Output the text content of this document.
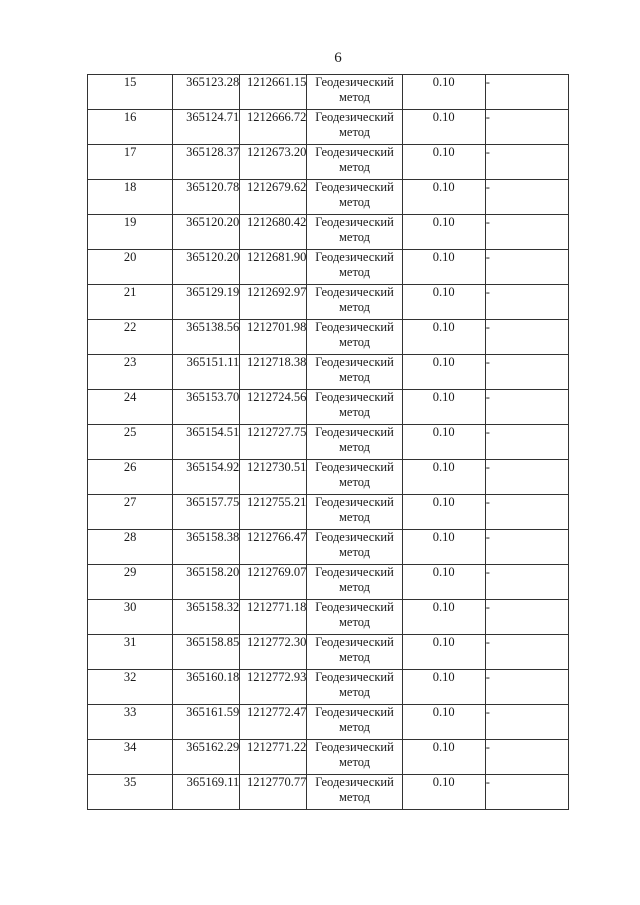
6
15	365123.28	1212661.15	Геодезический
метод	0.10	-
16	365124.71	1212666.72	Геодезический
метод	0.10	-
17	365128.37	1212673.20	Геодезический
метод	0.10	-
18	365120.78	1212679.62	Геодезический
метод	0.10	-
19	365120.20	1212680.42	Геодезический
метод	0.10	-
20	365120.20	1212681.90	Геодезический
метод	0.10	-
21	365129.19	1212692.97	Геодезический
метод	0.10	-
22	365138.56	1212701.98	Геодезический
метод	0.10	-
23	365151.11	1212718.38	Геодезический
метод	0.10	-
24	365153.70	1212724.56	Геодезический
метод	0.10	-
25	365154.51	1212727.75	Геодезический
метод	0.10	-
26	365154.92	1212730.51	Геодезический
метод	0.10	-
27	365157.75	1212755.21	Геодезический
метод	0.10	-
28	365158.38	1212766.47	Геодезический
метод	0.10	-
29	365158.20	1212769.07	Геодезический
метод	0.10	-
30	365158.32	1212771.18	Геодезический
метод	0.10	-
31	365158.85	1212772.30	Геодезический
метод	0.10	-
32	365160.18	1212772.93	Геодезический
метод	0.10	-
33	365161.59	1212772.47	Геодезический
метод	0.10	-
34	365162.29	1212771.22	Геодезический
метод	0.10	-
35	365169.11	1212770.77	Геодезический
метод	0.10	-
